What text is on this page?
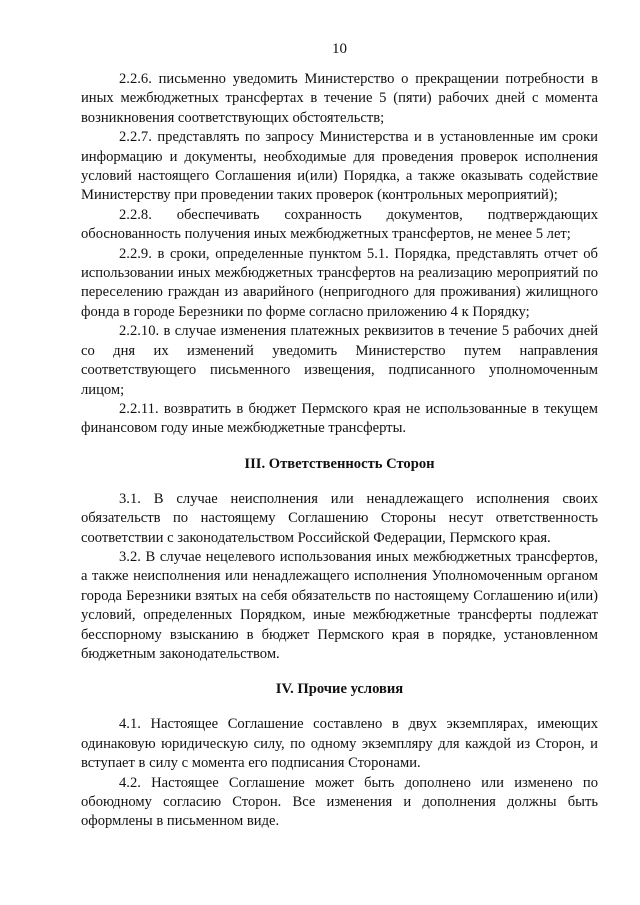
10

2.2.6. письменно уведомить Министерство о прекращении потребности в иных межбюджетных трансфертах в течение 5 (пяти) рабочих дней с момента возникновения соответствующих обстоятельств;

2.2.7. представлять по запросу Министерства и в установленные им сроки информацию и документы, необходимые для проведения проверок исполнения условий настоящего Соглашения и(или) Порядка, а также оказывать содействие Министерству при проведении таких проверок (контрольных мероприятий);

2.2.8. обеспечивать сохранность документов, подтверждающих обоснованность получения иных межбюджетных трансфертов, не менее 5 лет;

2.2.9. в сроки, определенные пунктом 5.1. Порядка, представлять отчет об использовании иных межбюджетных трансфертов на реализацию мероприятий по переселению граждан из аварийного (непригодного для проживания) жилищного фонда в городе Березники по форме согласно приложению 4 к Порядку;

2.2.10. в случае изменения платежных реквизитов в течение 5 рабочих дней со дня их изменений уведомить Министерство путем направления соответствующего письменного извещения, подписанного уполномоченным лицом;

2.2.11. возвратить в бюджет Пермского края не использованные в текущем финансовом году иные межбюджетные трансферты.

III. Ответственность Сторон

3.1. В случае неисполнения или ненадлежащего исполнения своих обязательств по настоящему Соглашению Стороны несут ответственность соответствии с законодательством Российской Федерации, Пермского края.

3.2. В случае нецелевого использования иных межбюджетных трансфертов, а также неисполнения или ненадлежащего исполнения Уполномоченным органом города Березники взятых на себя обязательств по настоящему Соглашению и(или) условий, определенных Порядком, иные межбюджетные трансферты подлежат бесспорному взысканию в бюджет Пермского края в порядке, установленном бюджетным законодательством.

IV. Прочие условия

4.1. Настоящее Соглашение составлено в двух экземплярах, имеющих одинаковую юридическую силу, по одному экземпляру для каждой из Сторон, и вступает в силу с момента его подписания Сторонами.

4.2. Настоящее Соглашение может быть дополнено или изменено по обоюдному согласию Сторон. Все изменения и дополнения должны быть оформлены в письменном виде.
